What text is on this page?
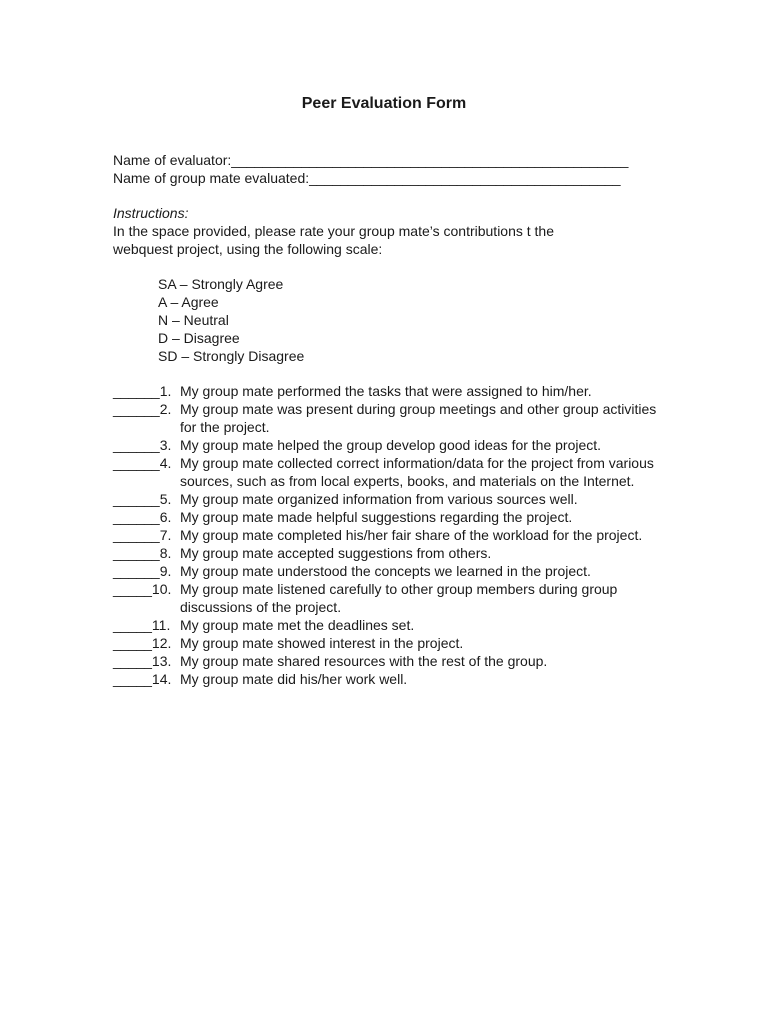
Peer Evaluation Form
Name of evaluator:___________________________________________________
Name of group mate evaluated:________________________________________
Instructions:
In the space provided, please rate your group mate’s contributions t the webquest project, using the following scale:
SA – Strongly Agree
A – Agree
N – Neutral
D – Disagree
SD – Strongly Disagree
______1. My group mate performed the tasks that were assigned to him/her.
______2. My group mate was present during group meetings and other group activities for the project.
______3. My group mate helped the group develop good ideas for the project.
______4. My group mate collected correct information/data for the project from various sources, such as from local experts, books, and materials on the Internet.
______5. My group mate organized information from various sources well.
______6. My group mate made helpful suggestions regarding the project.
______7. My group mate completed his/her fair share of the workload for the project.
______8. My group mate accepted suggestions from others.
______9. My group mate understood the concepts we learned in the project.
_____10. My group mate listened carefully to other group members during group discussions of the project.
_____11. My group mate met the deadlines set.
_____12. My group mate showed interest in the project.
_____13. My group mate shared resources with the rest of the group.
_____14. My group mate did his/her work well.
